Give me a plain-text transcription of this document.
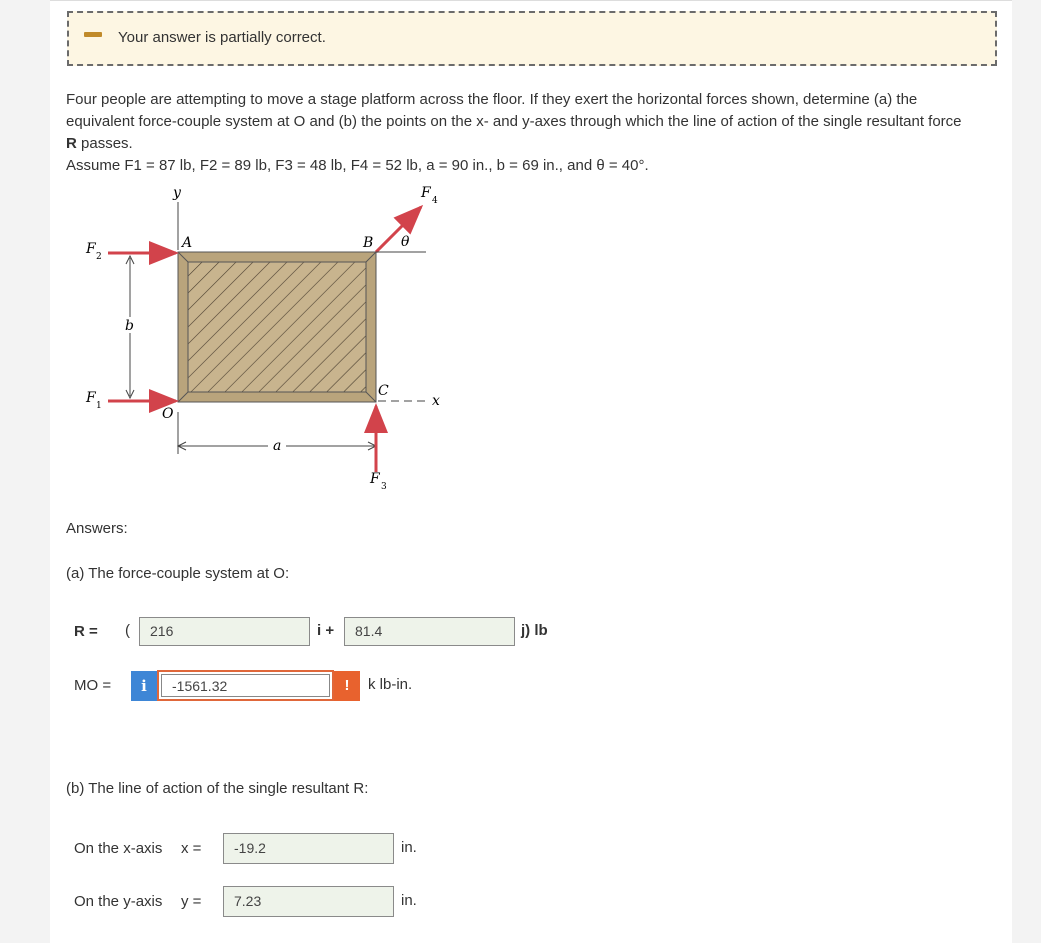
Your answer is partially correct.
Four people are attempting to move a stage platform across the floor. If they exert the horizontal forces shown, determine (a) the
equivalent force-couple system at O and (b) the points on the x- and y-axes through which the line of action of the single resultant force
R passes.
Assume F1 = 87 lb, F2 = 89 lb, F3 = 48 lb, F4 = 52 lb, a = 90 in., b = 69 in., and θ = 40°.
y
A	B
C
O
x
F 2
F 1
b
a
F 3
F 4
θ
Answers:
(a) The force-couple system at O:
R = (	216	i +	81.4	j) lb
MO =	i	-1561.32	!	k lb-in.
(b) The line of action of the single resultant R:
On the x-axis x =	-19.2	in.
On the y-axis y =	7.23	in.
